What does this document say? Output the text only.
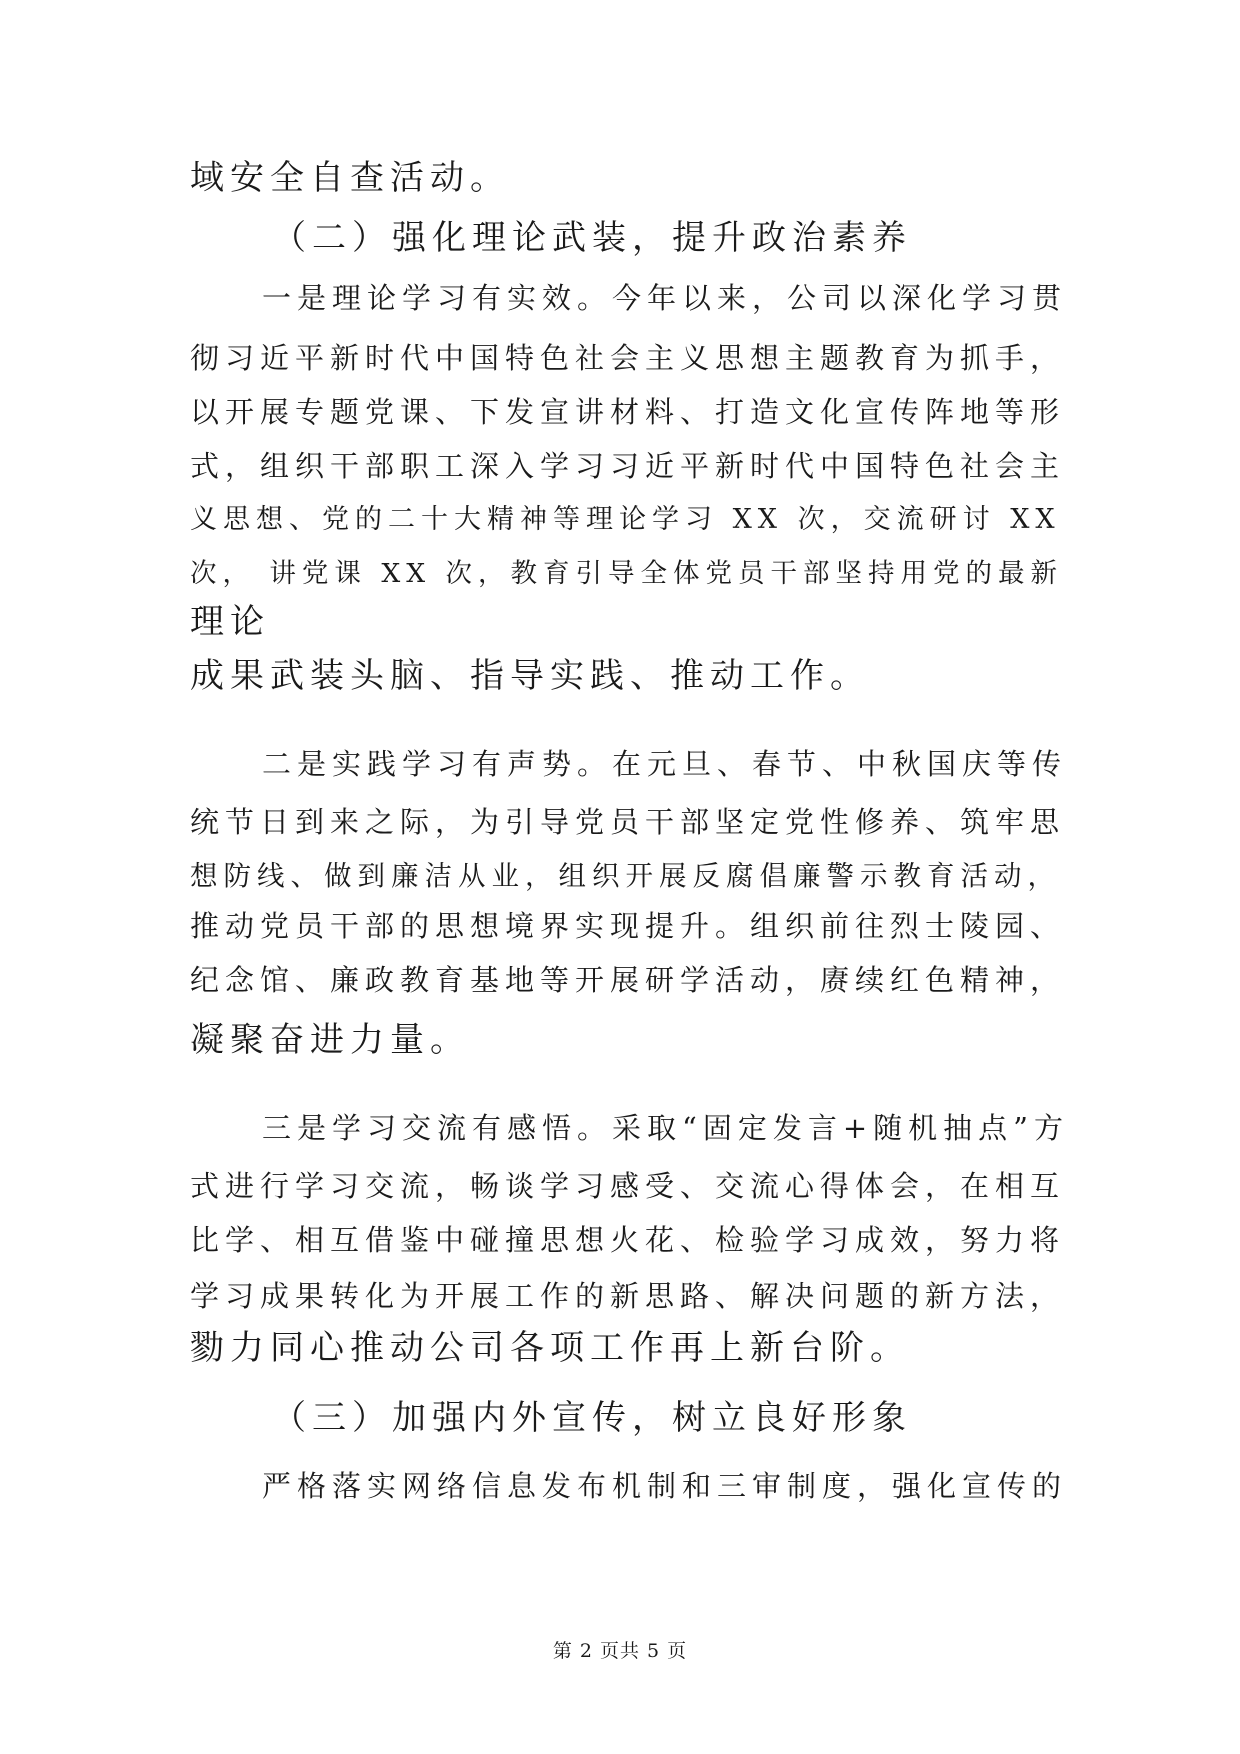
域安全自查活动。
（二）强化理论武装，提升政治素养
一是理论学习有实效。今年以来，公司以深化学习贯
彻习近平新时代中国特色社会主义思想主题教育为抓手，
以开展专题党课、下发宣讲材料、打造文化宣传阵地等形
式，组织干部职工深入学习习近平新时代中国特色社会主
义思想、党的二十大精神等理论学习 XX 次，交流研讨 XX
次， 讲党课 XX 次，教育引导全体党员干部坚持用党的最新
理论
成果武装头脑、指导实践、推动工作。
二是实践学习有声势。在元旦、春节、中秋国庆等传
统节日到来之际，为引导党员干部坚定党性修养、筑牢思
想防线、做到廉洁从业，组织开展反腐倡廉警示教育活动，
推动党员干部的思想境界实现提升。组织前往烈士陵园、
纪念馆、廉政教育基地等开展研学活动，赓续红色精神，
凝聚奋进力量。
三是学习交流有感悟。采取“固定发言+随机抽点”方
式进行学习交流，畅谈学习感受、交流心得体会，在相互
比学、相互借鉴中碰撞思想火花、检验学习成效，努力将
学习成果转化为开展工作的新思路、解决问题的新方法，
勠力同心推动公司各项工作再上新台阶。
（三）加强内外宣传，树立良好形象
严格落实网络信息发布机制和三审制度，强化宣传的
第 2 页共 5 页
